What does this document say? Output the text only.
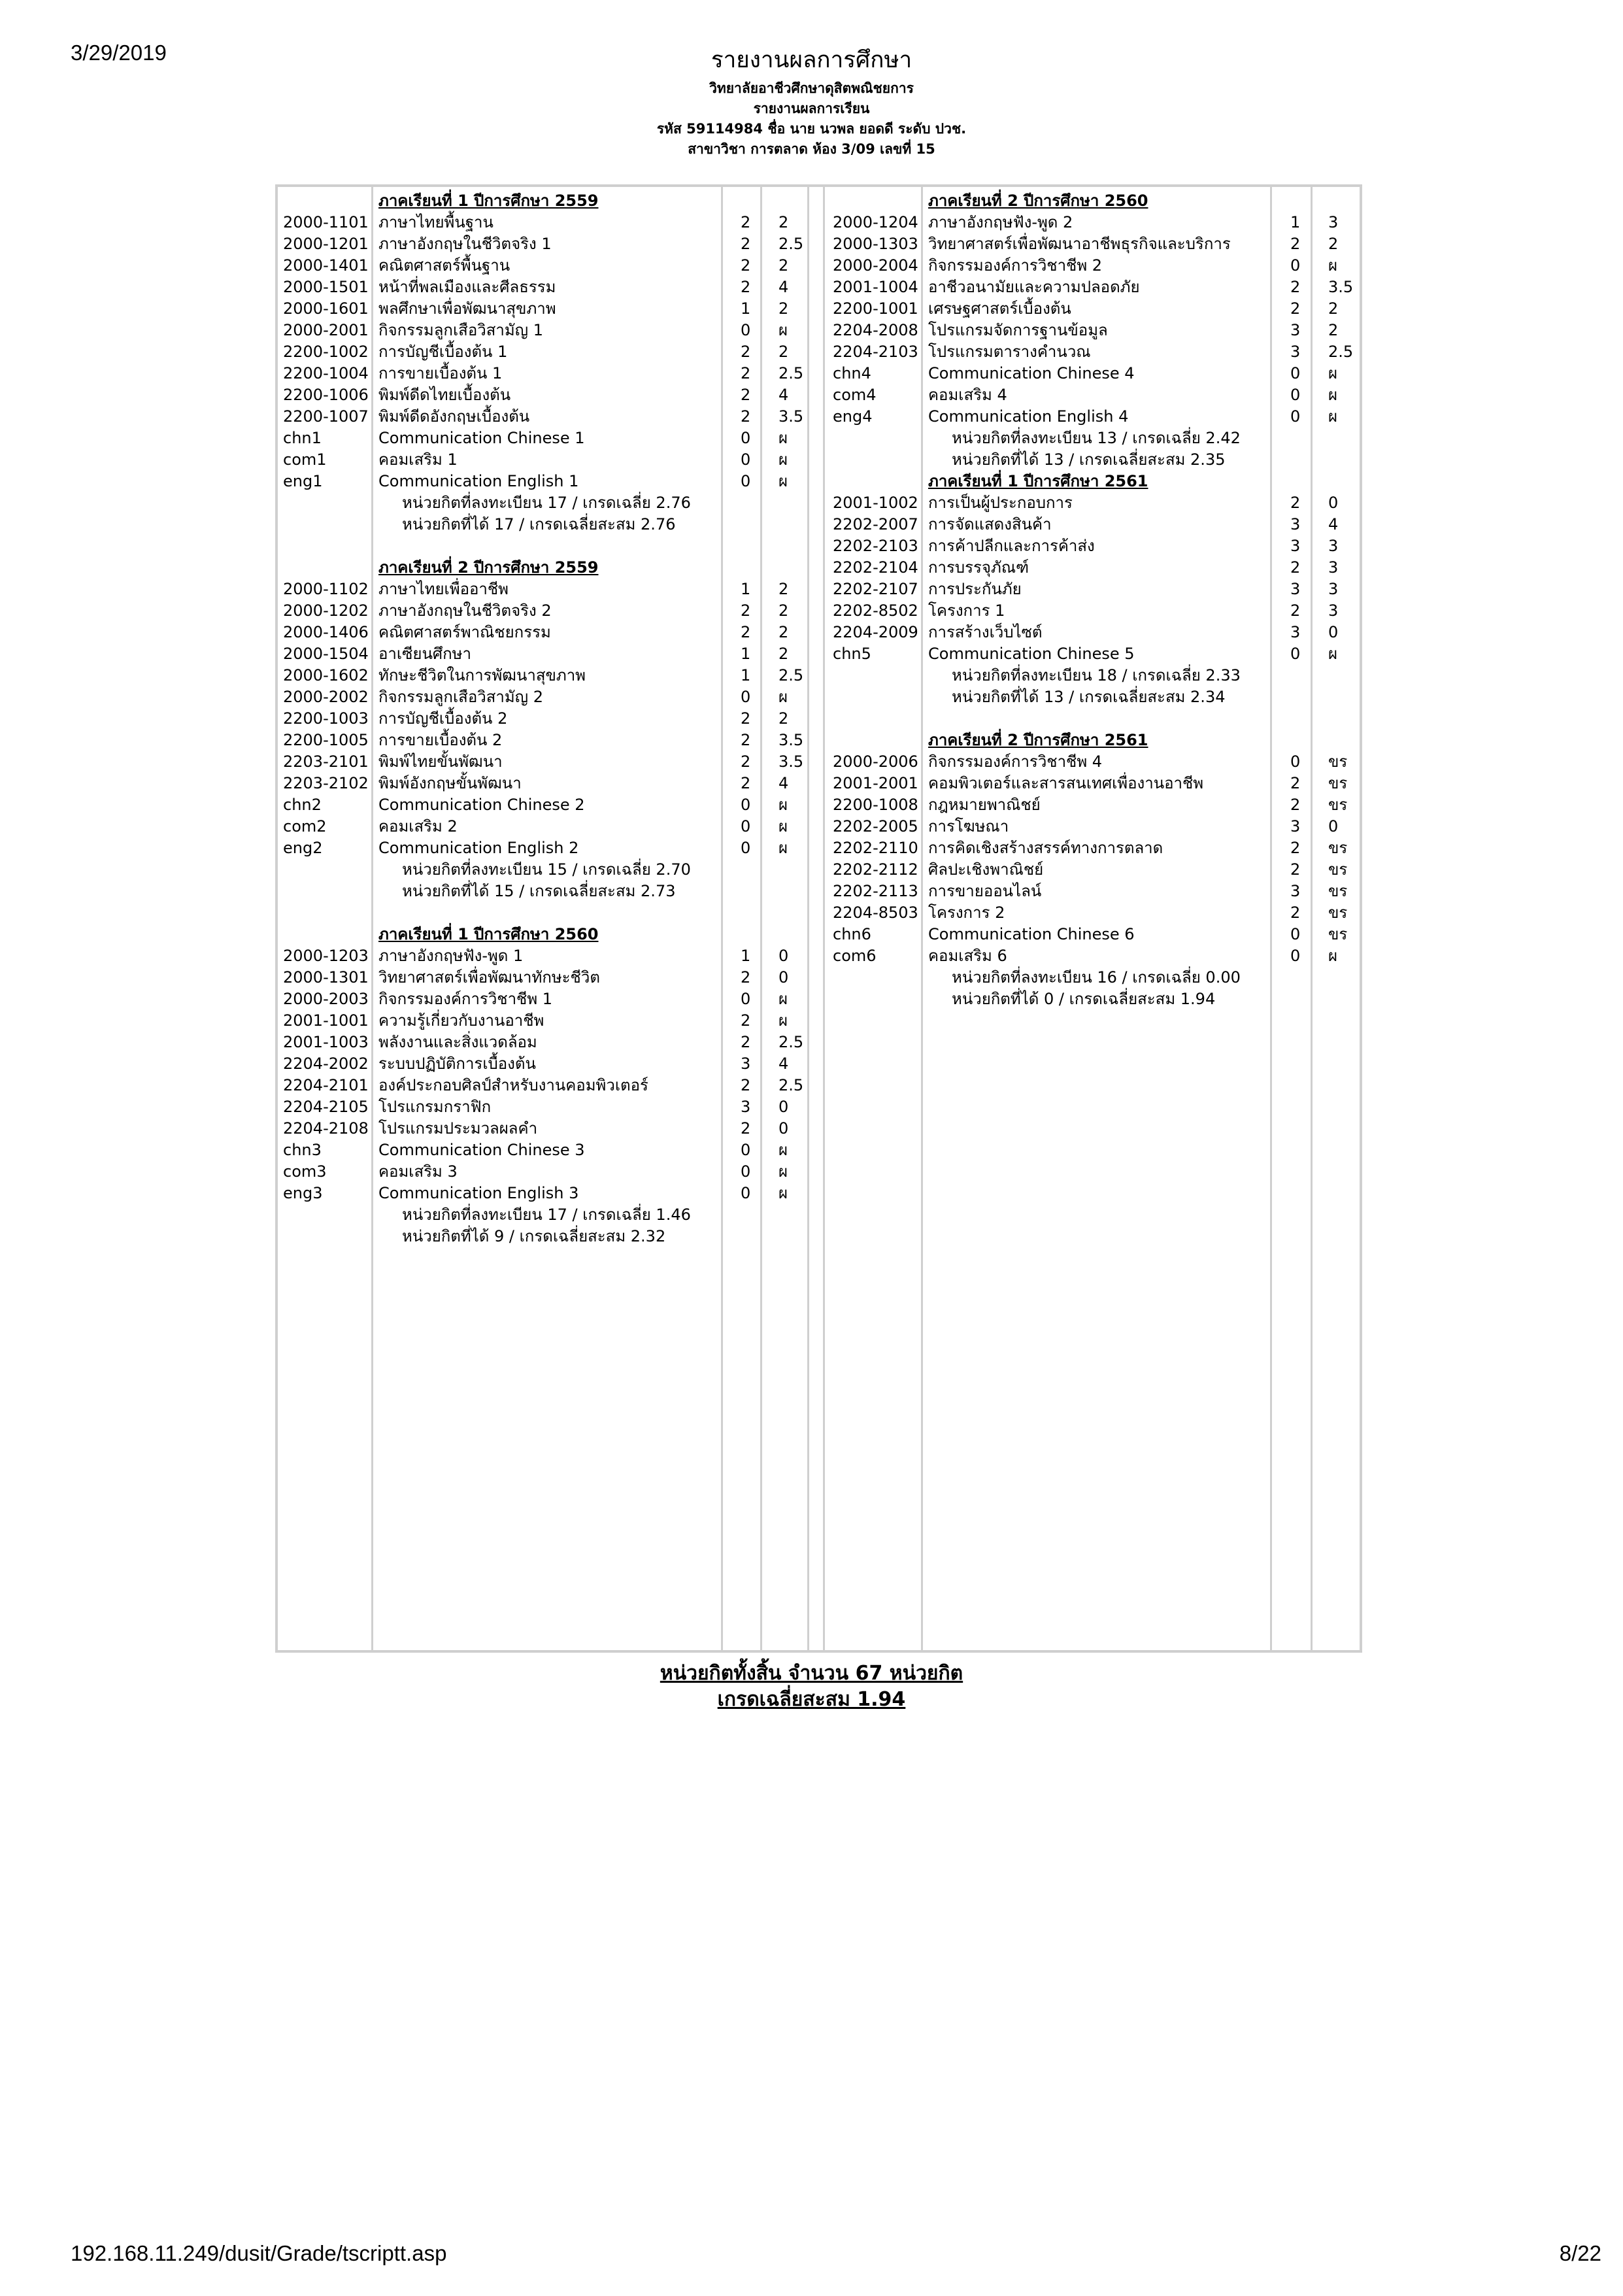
3/29/2019	รายงานผลการศึกษา
วิทยาลัยอาชีวศึกษาดุสิตพณิชยการ
รายงานผลการเรียน
รหัส 59114984 ชื่อ นาย นวพล ยอดดี ระดับ ปวช.
สาขาวิชา การตลาด ห้อง 3/09 เลขที่ 15
ภาคเรียนที่ 1 ปีการศึกษา 2559
2000-1101 ภาษาไทยพื้นฐาน	2 2
2000-1201 ภาษาอังกฤษในชีวิตจริง 1	2 2.5
2000-1401 คณิตศาสตร์พื้นฐาน	2 2
2000-1501 หน้าที่พลเมืองและศีลธรรม	2 4
2000-1601 พลศึกษาเพื่อพัฒนาสุขภาพ	1 2
2000-2001 กิจกรรมลูกเสือวิสามัญ 1	0 ผ
2200-1002 การบัญชีเบื้องต้น 1	2 2
2200-1004 การขายเบื้องต้น 1	2 2.5
2200-1006 พิมพ์ดีดไทยเบื้องต้น	2 4
2200-1007 พิมพ์ดีดอังกฤษเบื้องต้น	2 3.5
chn1	Communication Chinese 1	0 ผ
com1	คอมเสริม 1	0 ผ
eng1	Communication English 1	0 ผ
หน่วยกิตที่ลงทะเบียน 17 / เกรดเฉลี่ย 2.76
หน่วยกิตที่ได้ 17 / เกรดเฉลี่ยสะสม 2.76
ภาคเรียนที่ 2 ปีการศึกษา 2559
2000-1102 ภาษาไทยเพื่ออาชีพ	1 2
2000-1202 ภาษาอังกฤษในชีวิตจริง 2	2 2
2000-1406 คณิตศาสตร์พาณิชยกรรม	2 2
2000-1504 อาเซียนศึกษา	1 2
2000-1602 ทักษะชีวิตในการพัฒนาสุขภาพ	1 2.5
2000-2002 กิจกรรมลูกเสือวิสามัญ 2	0 ผ
2200-1003 การบัญชีเบื้องต้น 2	2 2
2200-1005 การขายเบื้องต้น 2	2 3.5
2203-2101 พิมพ์ไทยขั้นพัฒนา	2 3.5
2203-2102 พิมพ์อังกฤษขั้นพัฒนา	2 4
chn2	Communication Chinese 2	0 ผ
com2	คอมเสริม 2	0 ผ
eng2	Communication English 2	0 ผ
หน่วยกิตที่ลงทะเบียน 15 / เกรดเฉลี่ย 2.70
หน่วยกิตที่ได้ 15 / เกรดเฉลี่ยสะสม 2.73
ภาคเรียนที่ 1 ปีการศึกษา 2560
2000-1203 ภาษาอังกฤษฟัง-พูด 1	1 0
2000-1301 วิทยาศาสตร์เพื่อพัฒนาทักษะชีวิต	2 0
2000-2003 กิจกรรมองค์การวิชาชีพ 1	0 ผ
2001-1001 ความรู้เกี่ยวกับงานอาชีพ	2 ผ
2001-1003 พลังงานและสิ่งแวดล้อม	2 2.5
2204-2002 ระบบปฏิบัติการเบื้องต้น	3 4
2204-2101 องค์ประกอบศิลป์สำหรับงานคอมพิวเตอร์	2 2.5
2204-2105 โปรแกรมกราฟิก	3 0
2204-2108 โปรแกรมประมวลผลคำ	2 0
chn3	Communication Chinese 3	0 ผ
com3	คอมเสริม 3	0 ผ
eng3	Communication English 3	0 ผ
หน่วยกิตที่ลงทะเบียน 17 / เกรดเฉลี่ย 1.46
หน่วยกิตที่ได้ 9 / เกรดเฉลี่ยสะสม 2.32
ภาคเรียนที่ 2 ปีการศึกษา 2560
2000-1204 ภาษาอังกฤษฟัง-พูด 2	1 3
2000-1303 วิทยาศาสตร์เพื่อพัฒนาอาชีพธุรกิจและบริการ	2 2
2000-2004 กิจกรรมองค์การวิชาชีพ 2	0 ผ
2001-1004 อาชีวอนามัยและความปลอดภัย	2 3.5
2200-1001 เศรษฐศาสตร์เบื้องต้น	2 2
2204-2008 โปรแกรมจัดการฐานข้อมูล	3 2
2204-2103 โปรแกรมตารางคำนวณ	3 2.5
chn4	Communication Chinese 4	0 ผ
com4	คอมเสริม 4	0 ผ
eng4	Communication English 4	0 ผ
หน่วยกิตที่ลงทะเบียน 13 / เกรดเฉลี่ย 2.42
หน่วยกิตที่ได้ 13 / เกรดเฉลี่ยสะสม 2.35
ภาคเรียนที่ 1 ปีการศึกษา 2561
2001-1002 การเป็นผู้ประกอบการ	2 0
2202-2007 การจัดแสดงสินค้า	3 4
2202-2103 การค้าปลีกและการค้าส่ง	3 3
2202-2104 การบรรจุภัณฑ์	2 3
2202-2107 การประกันภัย	3 3
2202-8502 โครงการ 1	2 3
2204-2009 การสร้างเว็บไซต์	3 0
chn5	Communication Chinese 5	0 ผ
หน่วยกิตที่ลงทะเบียน 18 / เกรดเฉลี่ย 2.33
หน่วยกิตที่ได้ 13 / เกรดเฉลี่ยสะสม 2.34
ภาคเรียนที่ 2 ปีการศึกษา 2561
2000-2006 กิจกรรมองค์การวิชาชีพ 4	0 ขร
2001-2001 คอมพิวเตอร์และสารสนเทศเพื่องานอาชีพ	2 ขร
2200-1008 กฎหมายพาณิชย์	2 ขร
2202-2005 การโฆษณา	3 0
2202-2110 การคิดเชิงสร้างสรรค์ทางการตลาด	2 ขร
2202-2112 ศิลปะเชิงพาณิชย์	2 ขร
2202-2113 การขายออนไลน์	3 ขร
2204-8503 โครงการ 2	2 ขร
chn6	Communication Chinese 6	0 ขร
com6	คอมเสริม 6	0 ผ
หน่วยกิตที่ลงทะเบียน 16 / เกรดเฉลี่ย 0.00
หน่วยกิตที่ได้ 0 / เกรดเฉลี่ยสะสม 1.94
หน่วยกิตทั้งสิ้น จำนวน 67 หน่วยกิต
เกรดเฉลี่ยสะสม 1.94
192.168.11.249/dusit/Grade/tscriptt.asp	8/22
